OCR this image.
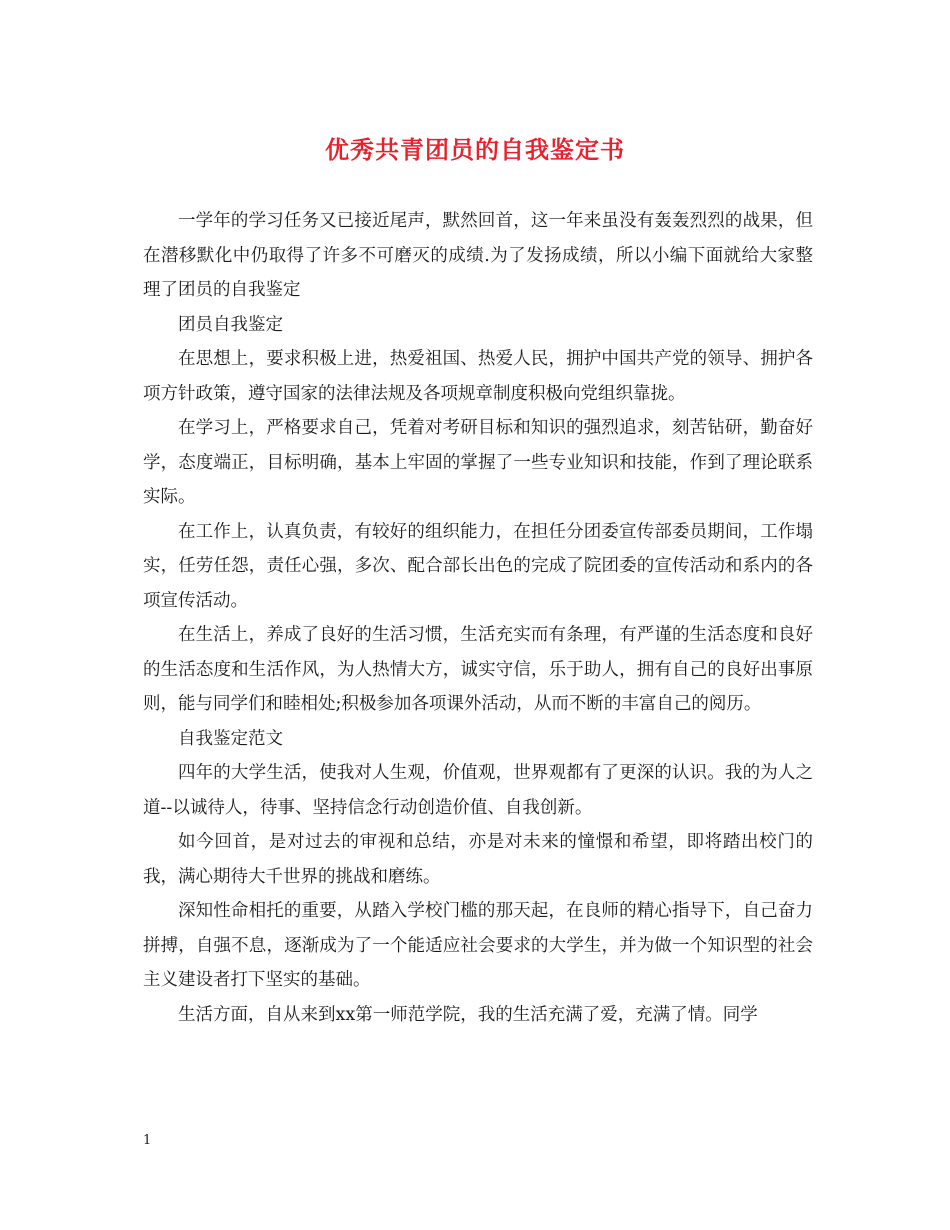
优秀共青团员的自我鉴定书

一学年的学习任务又已接近尾声，默然回首，这一年来虽没有轰轰烈烈的战果，但在潜移默化中仍取得了许多不可磨灭的成绩.为了发扬成绩，所以小编下面就给大家整理了团员的自我鉴定

团员自我鉴定

在思想上，要求积极上进，热爱祖国、热爱人民，拥护中国共产党的领导、拥护各项方针政策，遵守国家的法律法规及各项规章制度积极向党组织靠拢。

在学习上，严格要求自己，凭着对考研目标和知识的强烈追求，刻苦钻研，勤奋好学，态度端正，目标明确，基本上牢固的掌握了一些专业知识和技能，作到了理论联系实际。

在工作上，认真负责，有较好的组织能力，在担任分团委宣传部委员期间，工作塌实，任劳任怨，责任心强，多次、配合部长出色的完成了院团委的宣传活动和系内的各项宣传活动。

在生活上，养成了良好的生活习惯，生活充实而有条理，有严谨的生活态度和良好的生活态度和生活作风，为人热情大方，诚实守信，乐于助人，拥有自己的良好出事原则，能与同学们和睦相处;积极参加各项课外活动，从而不断的丰富自己的阅历。

自我鉴定范文

四年的大学生活，使我对人生观，价值观，世界观都有了更深的认识。我的为人之道--以诚待人，待事、坚持信念行动创造价值、自我创新。

如今回首，是对过去的审视和总结，亦是对未来的憧憬和希望，即将踏出校门的我，满心期待大千世界的挑战和磨练。

深知性命相托的重要，从踏入学校门槛的那天起，在良师的精心指导下，自己奋力拼搏，自强不息，逐渐成为了一个能适应社会要求的大学生，并为做一个知识型的社会主义建设者打下坚实的基础。

生活方面，自从来到xx第一师范学院，我的生活充满了爱，充满了情。同学

1
